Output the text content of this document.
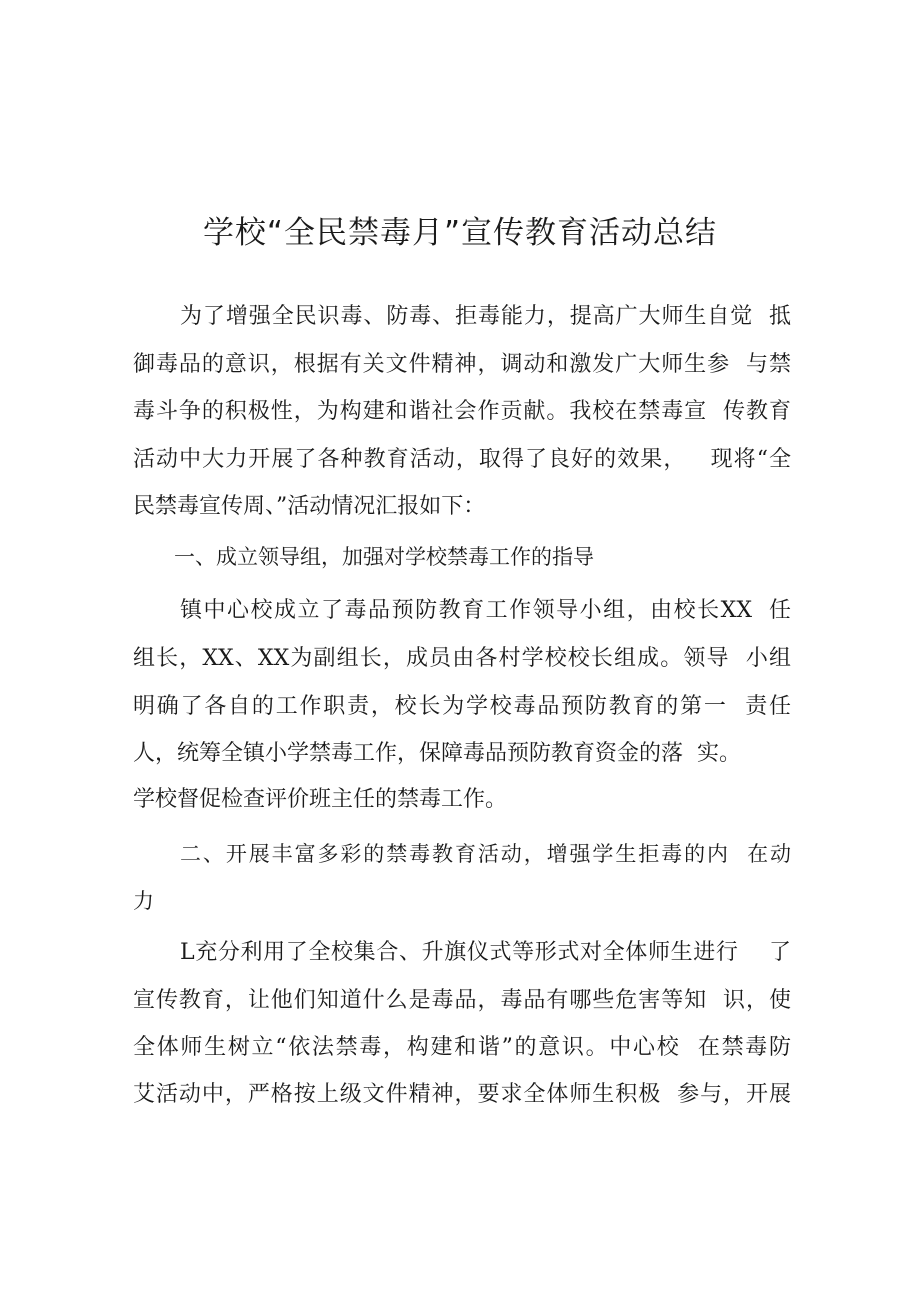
学校“全民禁毒月”宣传教育活动总结
为了增强全民识毒、防毒、拒毒能力，提高广大师生自觉  抵
御毒品的意识，根据有关文件精神，调动和激发广大师生参  与禁
毒斗争的积极性，为构建和谐社会作贡献。我校在禁毒宣  传教育
活动中大力开展了各种教育活动，取得了良好的效果，   现将“全
民禁毒宣传周、”活动情况汇报如下：
一、成立领导组，加强对学校禁毒工作的指导
镇中心校成立了毒品预防教育工作领导小组，由校长XX  任
组长，XX、XX为副组长，成员由各村学校校长组成。领导  小组
明确了各自的工作职责，校长为学校毒品预防教育的第一  责任
人，统筹全镇小学禁毒工作，保障毒品预防教育资金的落  实。
学校督促检查评价班主任的禁毒工作。
二、开展丰富多彩的禁毒教育活动，增强学生拒毒的内  在动
力
L充分利用了全校集合、升旗仪式等形式对全体师生进行    了
宣传教育，让他们知道什么是毒品，毒品有哪些危害等知  识，使
全体师生树立“依法禁毒，构建和谐”的意识。中心校  在禁毒防
艾活动中，严格按上级文件精神，要求全体师生积极  参与，开展
